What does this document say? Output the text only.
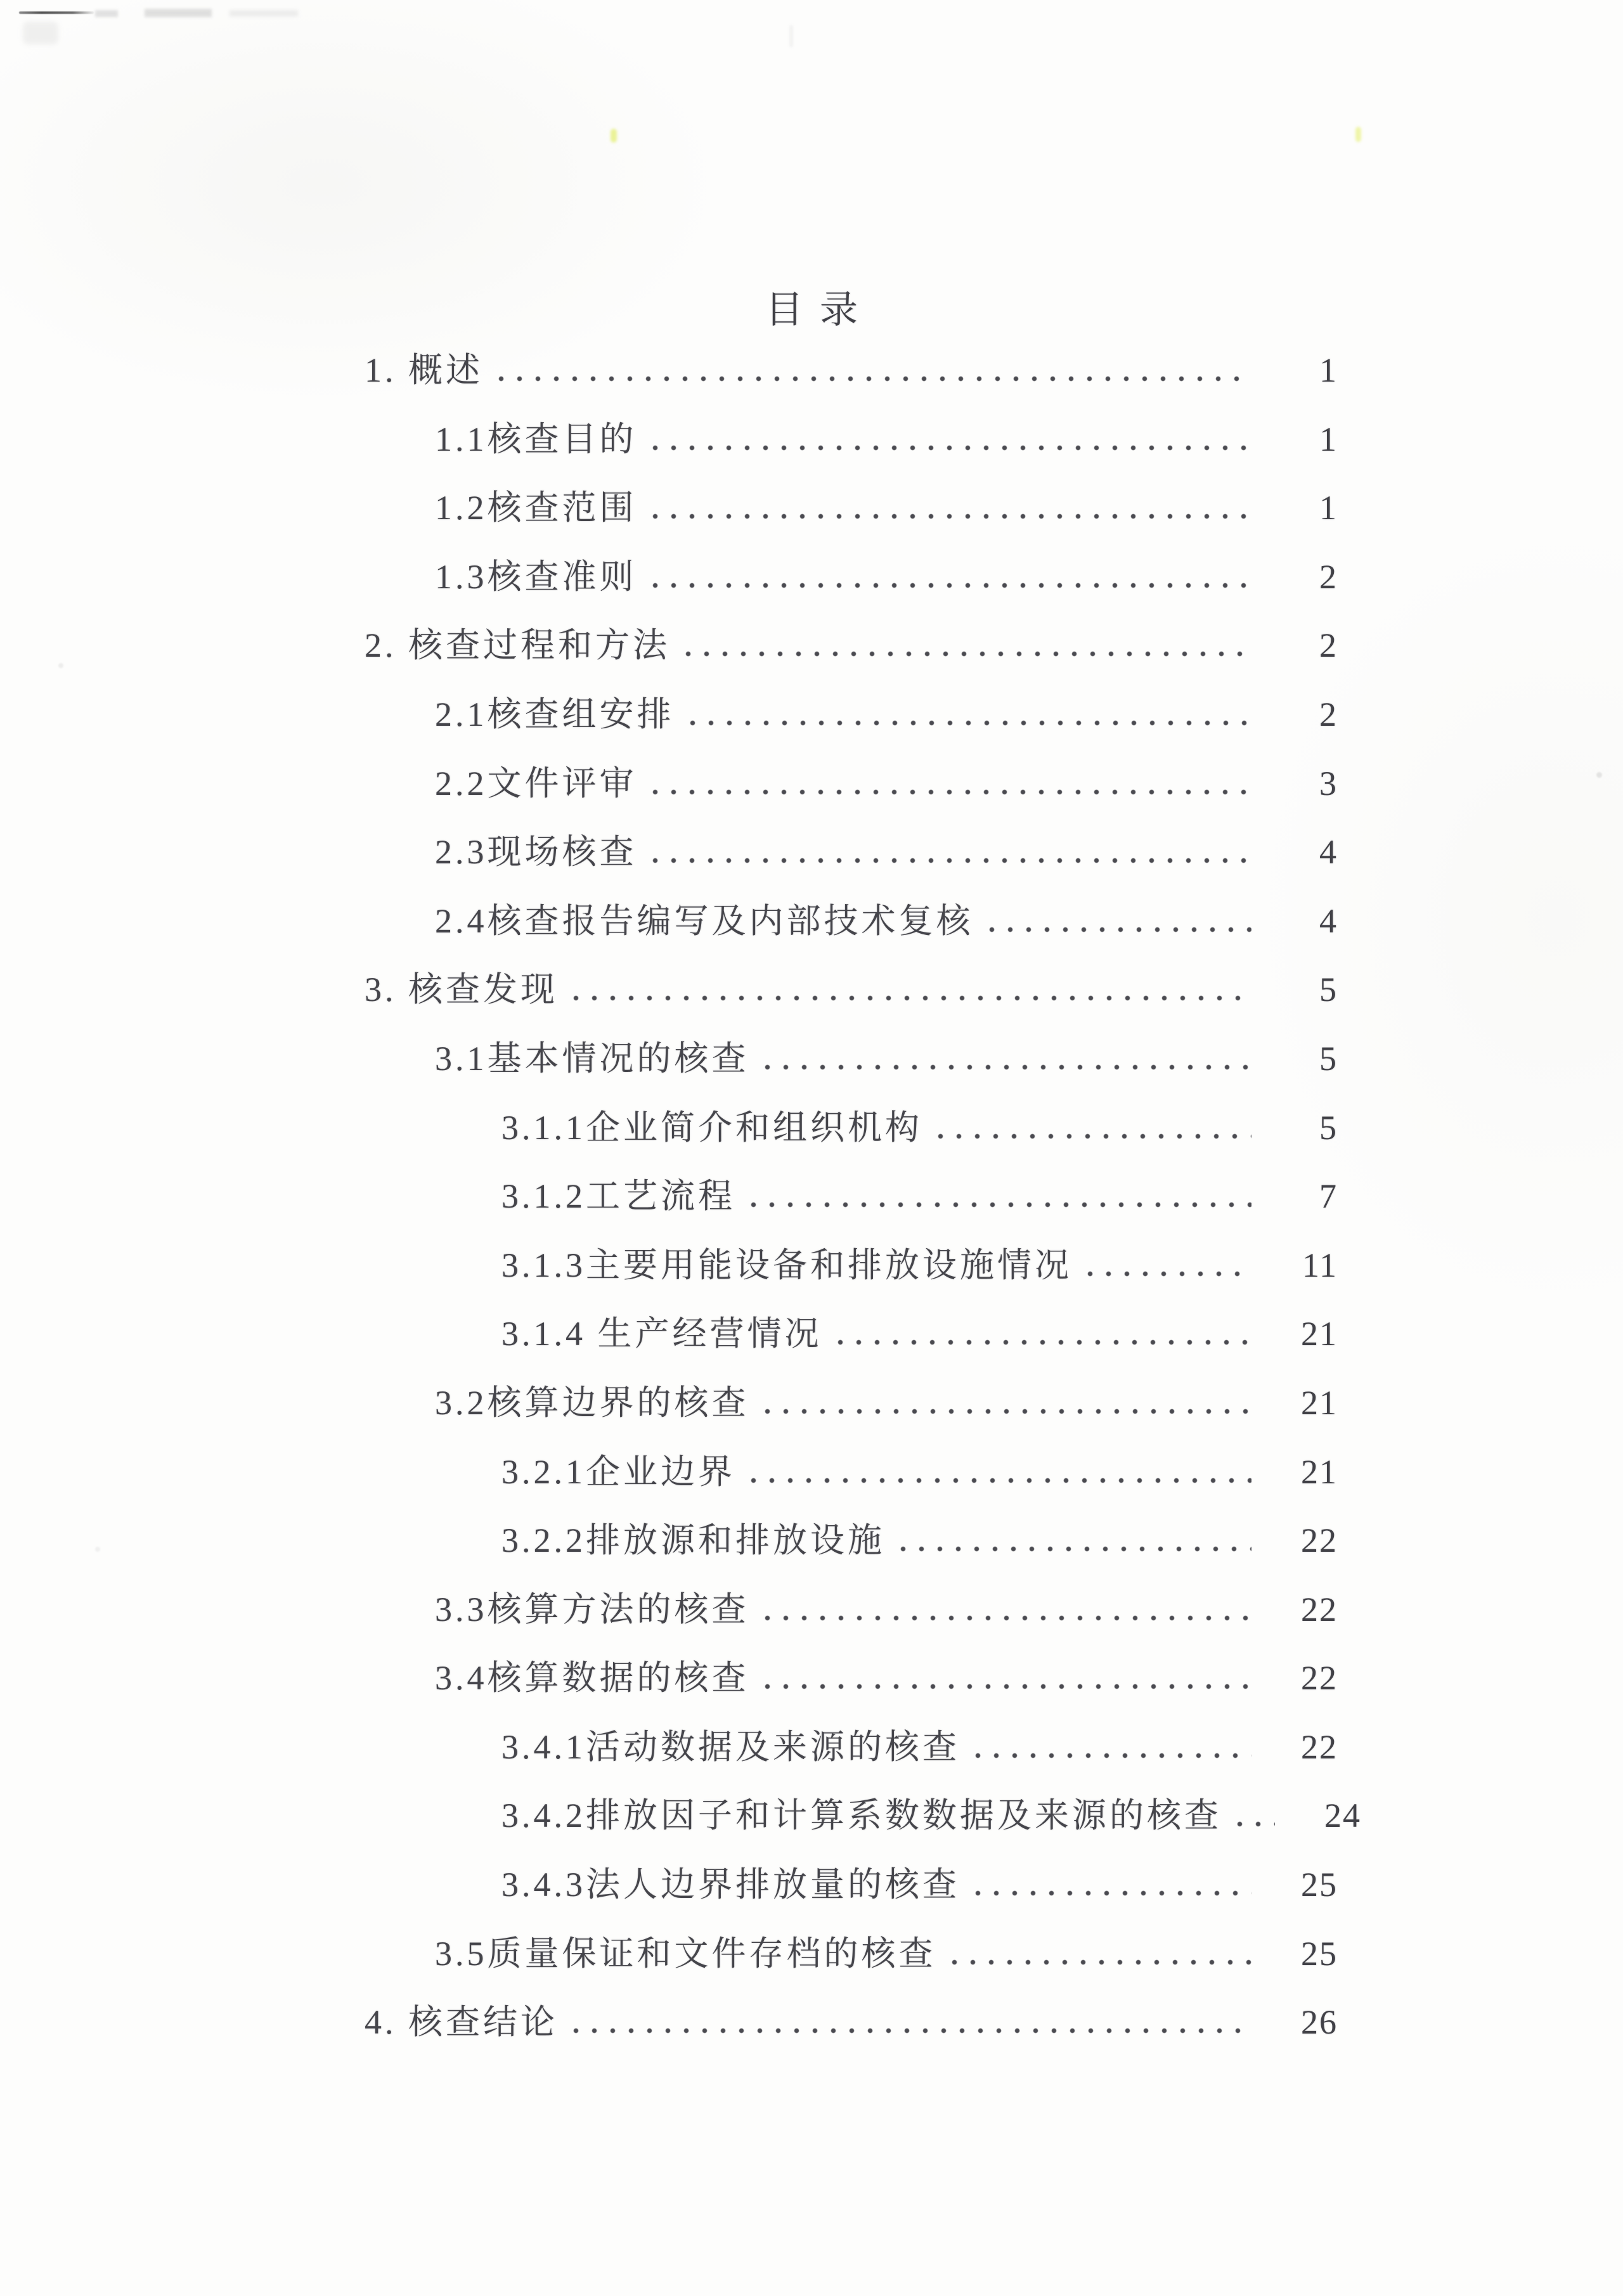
目录
1. 概述	1
1.1核查目的	1
1.2核查范围	1
1.3核查准则	2
2. 核查过程和方法	2
2.1核查组安排	2
2.2文件评审	3
2.3现场核查	4
2.4核查报告编写及内部技术复核	4
3. 核查发现	5
3.1基本情况的核查	5
3.1.1企业简介和组织机构	5
3.1.2工艺流程	7
3.1.3主要用能设备和排放设施情况	11
3.1.4 生产经营情况	21
3.2核算边界的核查	21
3.2.1企业边界	21
3.2.2排放源和排放设施	22
3.3核算方法的核查	22
3.4核算数据的核查	22
3.4.1活动数据及来源的核查	22
3.4.2排放因子和计算系数数据及来源的核查	24
3.4.3法人边界排放量的核查	25
3.5质量保证和文件存档的核查	25
4. 核查结论	26
